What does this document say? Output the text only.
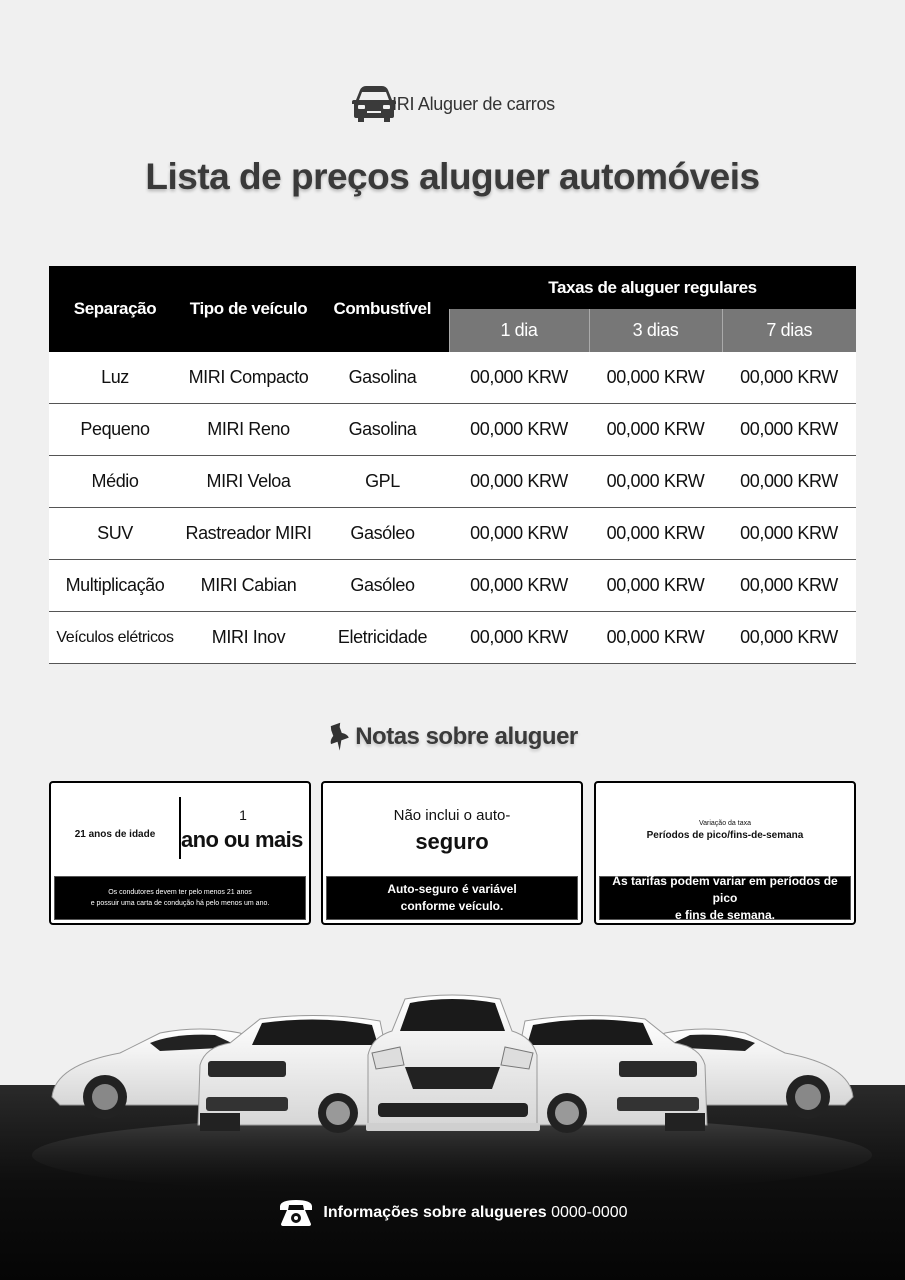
IRI Aluguer de carros
Lista de preços aluguer automóveis
Separação	Tipo de veículo	Combustível	Taxas de aluguer regulares		
			1 dia	3 dias	7 dias
Luz	MIRI Compacto	Gasolina	00,000 KRW	00,000 KRW	00,000 KRW
Pequeno	MIRI Reno	Gasolina	00,000 KRW	00,000 KRW	00,000 KRW
Médio	MIRI Veloa	GPL	00,000 KRW	00,000 KRW	00,000 KRW
SUV	Rastreador MIRI	Gasóleo	00,000 KRW	00,000 KRW	00,000 KRW
Multiplicação	MIRI Cabian	Gasóleo	00,000 KRW	00,000 KRW	00,000 KRW
Veículos elétricos	MIRI Inov	Eletricidade	00,000 KRW	00,000 KRW	00,000 KRW
Notas sobre aluguer
21 anos de idade
1
ano ou mais
Os condutores devem ter pelo menos 21 anos
e possuir uma carta de condução há pelo menos um ano.
Não inclui o auto-
seguro
Auto-seguro é variável
conforme veículo.
Variação da taxa
Períodos de pico/fins-de-semana
As tarifas podem variar em períodos de pico
e fins de semana.
Informações sobre alugueres 0000-0000
